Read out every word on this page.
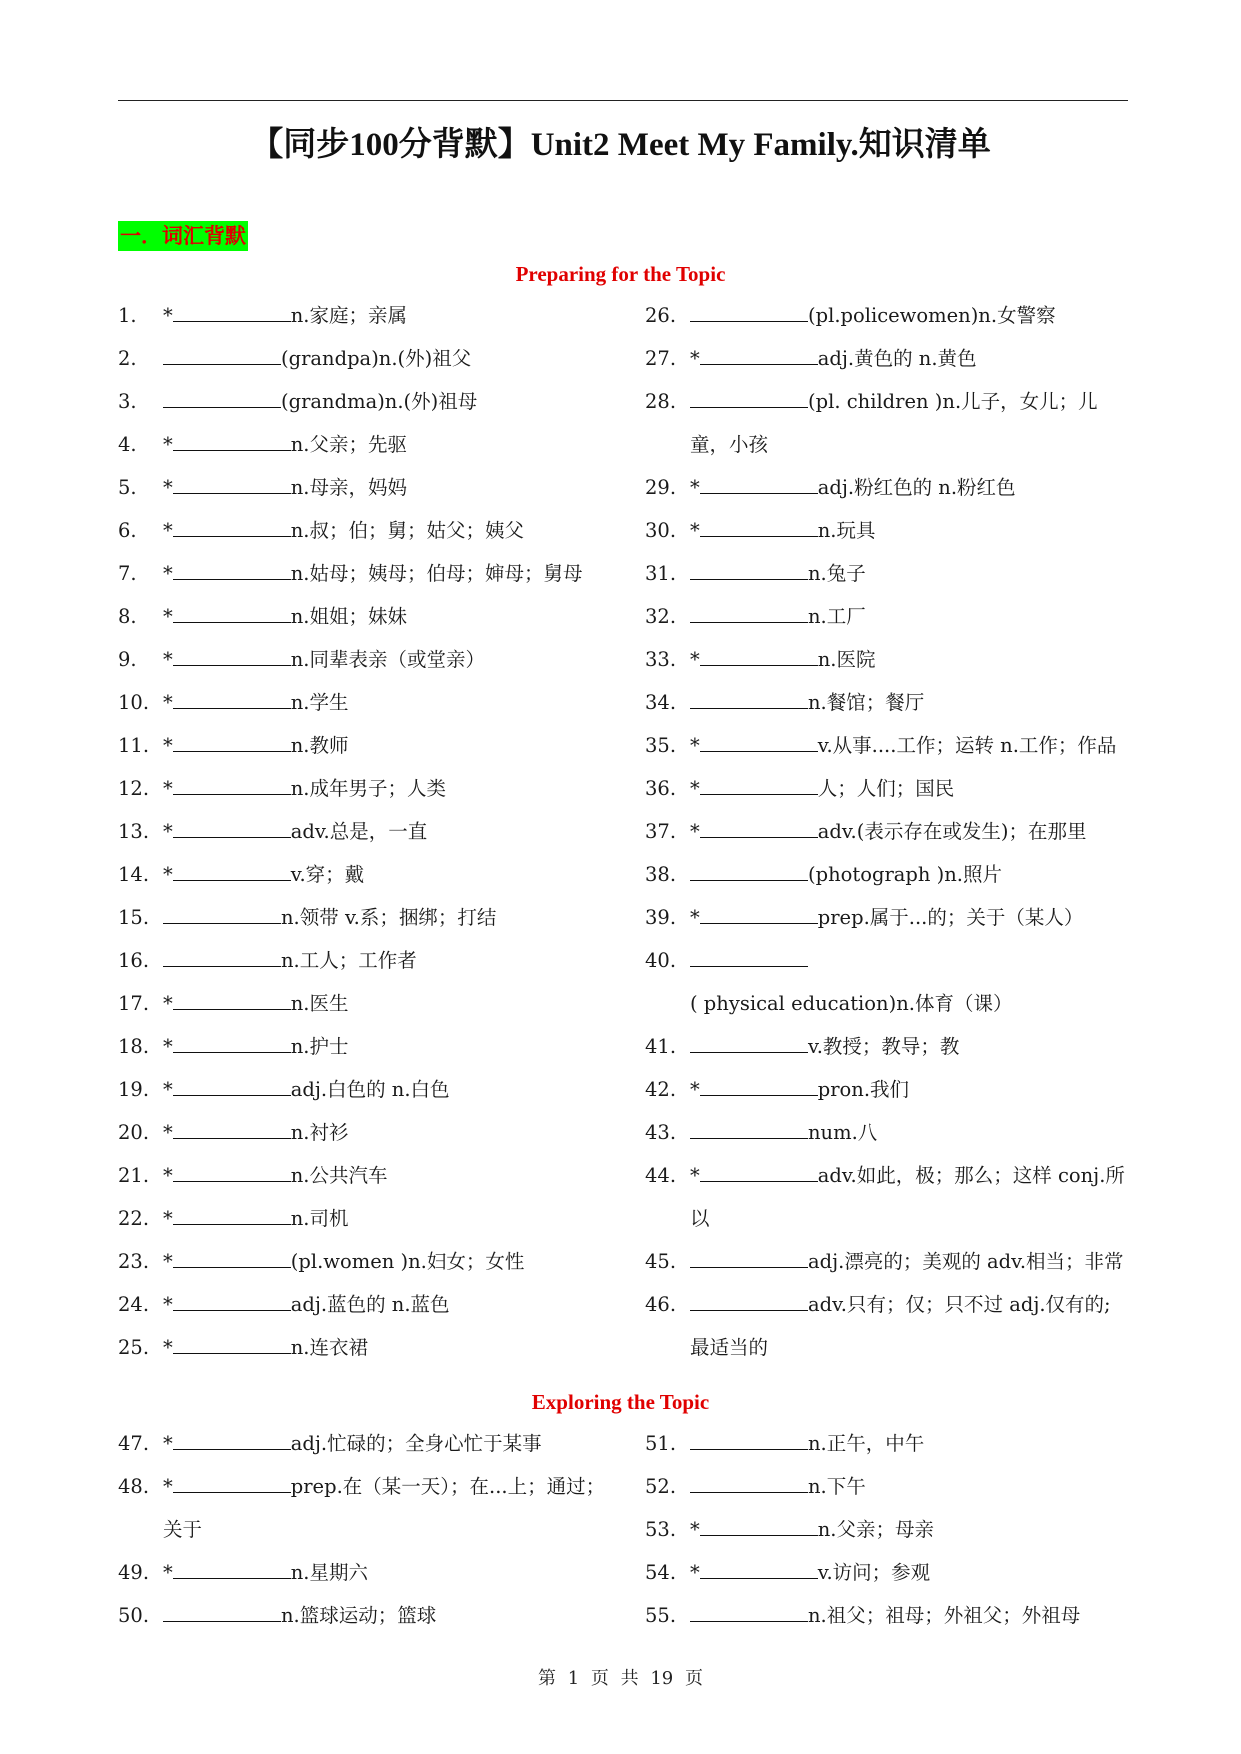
【同步100分背默】Unit2 Meet My Family.知识清单
一．词汇背默
Preparing for the Topic
1. *	n.家庭；亲属
2.	(grandpa)n.(外)祖父
3.	(grandma)n.(外)祖母
4. *	n.父亲；先驱
5. *	n.母亲，妈妈
6. *	n.叔；伯；舅；姑父；姨父
7. *	n.姑母；姨母；伯母；婶母；舅母
8. *	n.姐姐；妹妹
9. *	n.同辈表亲（或堂亲）
10. *	n.学生
11. *	n.教师
12. *	n.成年男子；人类
13. *	adv.总是，一直
14. *	v.穿；戴
15.	n.领带 v.系；捆绑；打结
16.	n.工人；工作者
17. *	n.医生
18. *	n.护士
19. *	adj.白色的 n.白色
20. *	n.衬衫
21. *	n.公共汽车
22. *	n.司机
23. *	(pl.women )n.妇女；女性
24. *	adj.蓝色的 n.蓝色
25. *	n.连衣裙
26.	(pl.policewomen)n.女警察
27. *	adj.黄色的 n.黄色
28.	(pl. children )n.儿子，女儿；儿童，小孩
29. *	adj.粉红色的 n.粉红色
30. *	n.玩具
31.	n.兔子
32.	n.工厂
33. *	n.医院
34.	n.餐馆；餐厅
35. *	v.从事....工作；运转 n.工作；作品
36. *	人；人们；国民
37. *	adv.(表示存在或发生)；在那里
38.	(photograph )n.照片
39. *	prep.属于...的；关于（某人）
40.
( physical education)n.体育（课）
41.	v.教授；教导；教
42. *	pron.我们
43.	num.八
44. *	adv.如此，极；那么；这样 conj.所以
45.	adj.漂亮的；美观的 adv.相当；非常
46.	adv.只有；仅；只不过 adj.仅有的;最适当的
Exploring the Topic
47. *	adj.忙碌的；全身心忙于某事
48. *	prep.在（某一天）；在...上；通过；关于
49. *	n.星期六
50.	n.篮球运动；篮球
51.	n.正午，中午
52.	n.下午
53. *	n.父亲；母亲
54. *	v.访问；参观
55.	n.祖父；祖母；外祖父；外祖母
第 1 页 共 19 页
